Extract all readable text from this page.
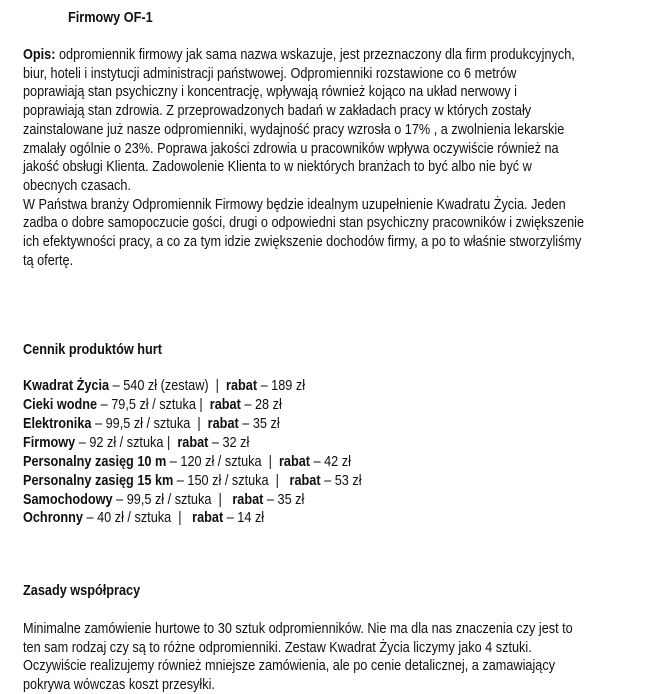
Firmowy OF-1
Opis: odpromiennik firmowy jak sama nazwa wskazuje, jest przeznaczony dla firm produkcyjnych,
biur, hoteli i instytucji administracji państwowej. Odpromienniki rozstawione co 6 metrów
poprawiają stan psychiczny i koncentrację, wpływają również kojąco na układ nerwowy i
poprawiają stan zdrowia. Z przeprowadzonych badań w zakładach pracy w których zostały
zainstalowane już nasze odpromienniki, wydajność pracy wzrosła o 17% , a zwolnienia lekarskie
zmalały ogólnie o 23%. Poprawa jakości zdrowia u pracowników wpływa oczywiście również na
jakość obsługi Klienta. Zadowolenie Klienta to w niektórych branżach to być albo nie być w
obecnych czasach.
W Państwa branży Odpromiennik Firmowy będzie idealnym uzupełnienie Kwadratu Życia. Jeden
zadba o dobre samopoczucie gości, drugi o odpowiedni stan psychiczny pracowników i zwiększenie
ich efektywności pracy, a co za tym idzie zwiększenie dochodów firmy, a po to właśnie stworzyliśmy
tą ofertę.
Cennik produktów hurt
Kwadrat Życia – 540 zł (zestaw)  |  rabat – 189 zł
Cieki wodne – 79,5 zł / sztuka |  rabat – 28 zł
Elektronika – 99,5 zł / sztuka  |  rabat – 35 zł
Firmowy – 92 zł / sztuka |  rabat – 32 zł
Personalny zasięg 10 m – 120 zł / sztuka  |  rabat – 42 zł
Personalny zasięg 15 km – 150 zł / sztuka  |   rabat – 53 zł
Samochodowy – 99,5 zł / sztuka  |   rabat – 35 zł
Ochronny – 40 zł / sztuka  |   rabat – 14 zł
Zasady współpracy
Minimalne zamówienie hurtowe to 30 sztuk odpromienników. Nie ma dla nas znaczenia czy jest to
ten sam rodzaj czy są to różne odpromienniki. Zestaw Kwadrat Życia liczymy jako 4 sztuki.
Oczywiście realizujemy również mniejsze zamówienia, ale po cenie detalicznej, a zamawiający
pokrywa wówczas koszt przesyłki.
